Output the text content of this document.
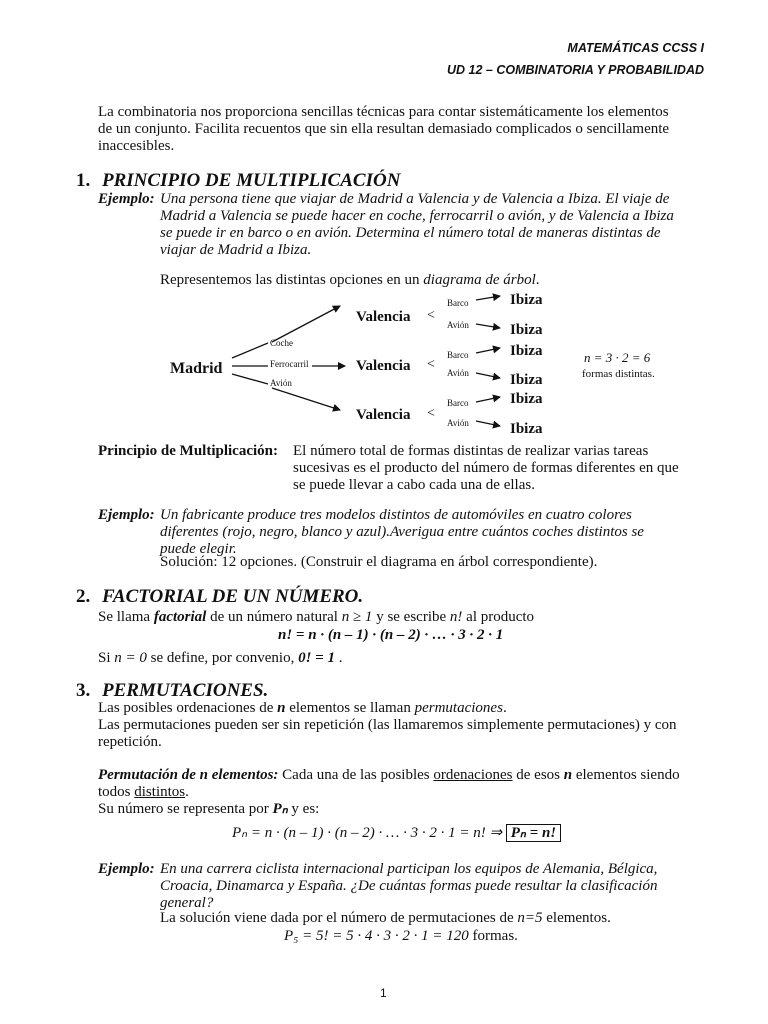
MATEMÁTICAS CCSS I
UD 12 – COMBINATORIA Y PROBABILIDAD
La combinatoria nos proporciona sencillas técnicas para contar sistemáticamente los elementos
de un conjunto. Facilita recuentos que sin ella resultan demasiado complicados o sencillamente
inaccesibles.
1. PRINCIPIO DE MULTIPLICACIÓN
Ejemplo: Una persona tiene que viajar de Madrid a Valencia y de Valencia a Ibiza. El viaje de
Madrid a Valencia se puede hacer en coche, ferrocarril o avión, y de Valencia a Ibiza
se puede ir en barco o en avión. Determina el número total de maneras distintas de
viajar de Madrid a Ibiza.
Representemos las distintas opciones en un diagrama de árbol.
Madrid
Coche
Ferrocarril
Avión
Valencia
Valencia
Valencia
<
<
<
Barco
Avión
Barco
Avión
Barco
Avión
Ibiza
Ibiza
Ibiza
Ibiza
Ibiza
Ibiza
n = 3 · 2 = 6
formas distintas.
Principio de Multiplicación: El número total de formas distintas de realizar varias tareas
sucesivas es el producto del número de formas diferentes en que
se puede llevar a cabo cada una de ellas.
Ejemplo: Un fabricante produce tres modelos distintos de automóviles en cuatro colores
diferentes (rojo, negro, blanco y azul).Averigua entre cuántos coches distintos se
puede elegir.
Solución: 12 opciones. (Construir el diagrama en árbol correspondiente).
2. FACTORIAL DE UN NÚMERO.
Se llama factorial de un número natural n ≥ 1 y se escribe n! al producto
n! = n · (n – 1) · (n – 2) · … · 3 · 2 · 1
Si n = 0 se define, por convenio, 0! = 1 .
3. PERMUTACIONES.
Las posibles ordenaciones de n elementos se llaman permutaciones.
Las permutaciones pueden ser sin repetición (las llamaremos simplemente permutaciones) y con
repetición.
Permutación de n elementos: Cada una de las posibles ordenaciones de esos n elementos siendo
todos distintos.
Su número se representa por Pₙ y es:
Pₙ = n · (n – 1) · (n – 2) · … · 3 · 2 · 1 = n! ⇒ Pₙ = n!
Ejemplo: En una carrera ciclista internacional participan los equipos de Alemania, Bélgica,
Croacia, Dinamarca y España. ¿De cuántas formas puede resultar la clasificación
general?
La solución viene dada por el número de permutaciones de n=5 elementos.
P₅ = 5! = 5 · 4 · 3 · 2 · 1 = 120 formas.
1
